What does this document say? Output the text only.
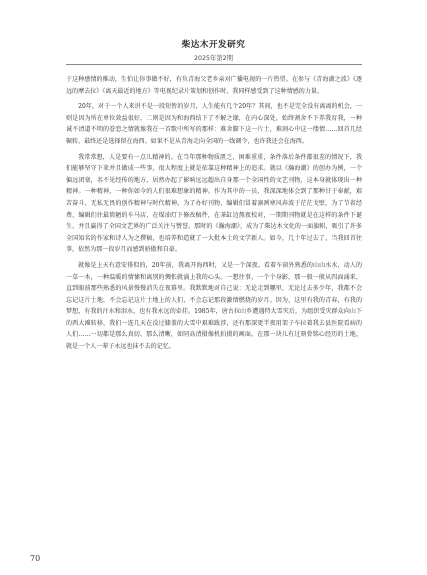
柴达木开发研究
2025年第2期

于这种感情的推动，生怕让你事做不好，有负青海父老乡亲对广播电视的一片热望。在参与《青海湖之波》《逐远的摩去拉》《离天最近的地方》等电视纪录片策划和创作时，我同样感受到了这种情感的力量。

20年，对于一个人来讲不是一段短暂的岁月，人生能有几个20年？其间，也不是完全没有离离的机会，一则是因为所在单位效益很好，二则是因为和海西结下了不解之缘，在内心深处，始终割舍不下养我育我，一种诚不清道不明的眷恋之情就像我在一首歌中所写的那样：难舍脚下这一片土，难割心中这一缕情……回首几经辗转，最终还是选择留在海西。如果不是从青海走向全国的一线调令，也许我还会在海西。

我常常想，人是要有一点儿精神的。在当年那种物质匮乏，困难重重，条件落后条件都很差的情况下，我们能够坚守下来并且做成一些事，很大程度上就是依靠这种精神上的追求。就以《瀚海潮》的创办为例，一个偏远闭塞，名不见经传的地方，居然办起了影响远远超出自身那一个全国性的文艺刊物，这本身就体现出一种精神。一种精神，一种你如今的人们很难想象的精神。作为其中的一员，我深深地体会到了那种甘于奉献，艰苦奋斗、无私无畏的创作精神与时代精神。为了办好刊物，编辑们冒着凛冽寒风奔波于茫茫戈壁，为了节省经费，编辑们住最简陋的车马店，在煤油灯下修改稿件，在茶缸边熬夜校对，一期期刊物就是在这样的条件下诞生，并且赢得了全国文艺界的广泛关注与赞誉。那时的《瀚海潮》，成为了柴达木文化的一面旗帜，吸引了许多全国知名的作家和诗人为之撰稿，也培养和造就了一大批本土的文学新人。如今，几十年过去了，当我回首往事，依然为那一段岁月而感到骄傲和自豪。

就像是上天有意安排似的，20年前，我离开海西时，又是一个深夜。看着车窗外熟悉的山山水水，动人的一草一木，一种温暖的情愫和离别的惆怅就涌上我的心头。一想往事，一个个身影，那一般一般从四面涌来，直到眼前那些熟悉的风景慢慢消失在夜幕里。我默默地对自己说：无论走到哪里，无论过去多少年，我都不会忘记这片土地，不会忘记这片土地上的人们，不会忘记那段激情燃烧的岁月。因为，这里有我的青春，有我的梦想，有我的汗水和泪水，也有我永远的牵挂。1985年，唐古拉山乡遭遇特大雪灾后，为组织受灾群众向山下的西大滩转移，我们一连几天在没过膝盖的大雪中艰难跋涉，还有那深更半夜用架子车拉着我去县医院看病的人们……一切都是那么真切、那么清晰，如同高清摄像机拍摄的画面。在那一块儿有过刻骨铭心经历的土地，就是一个人一辈子永远也抹不去的记忆。

70
